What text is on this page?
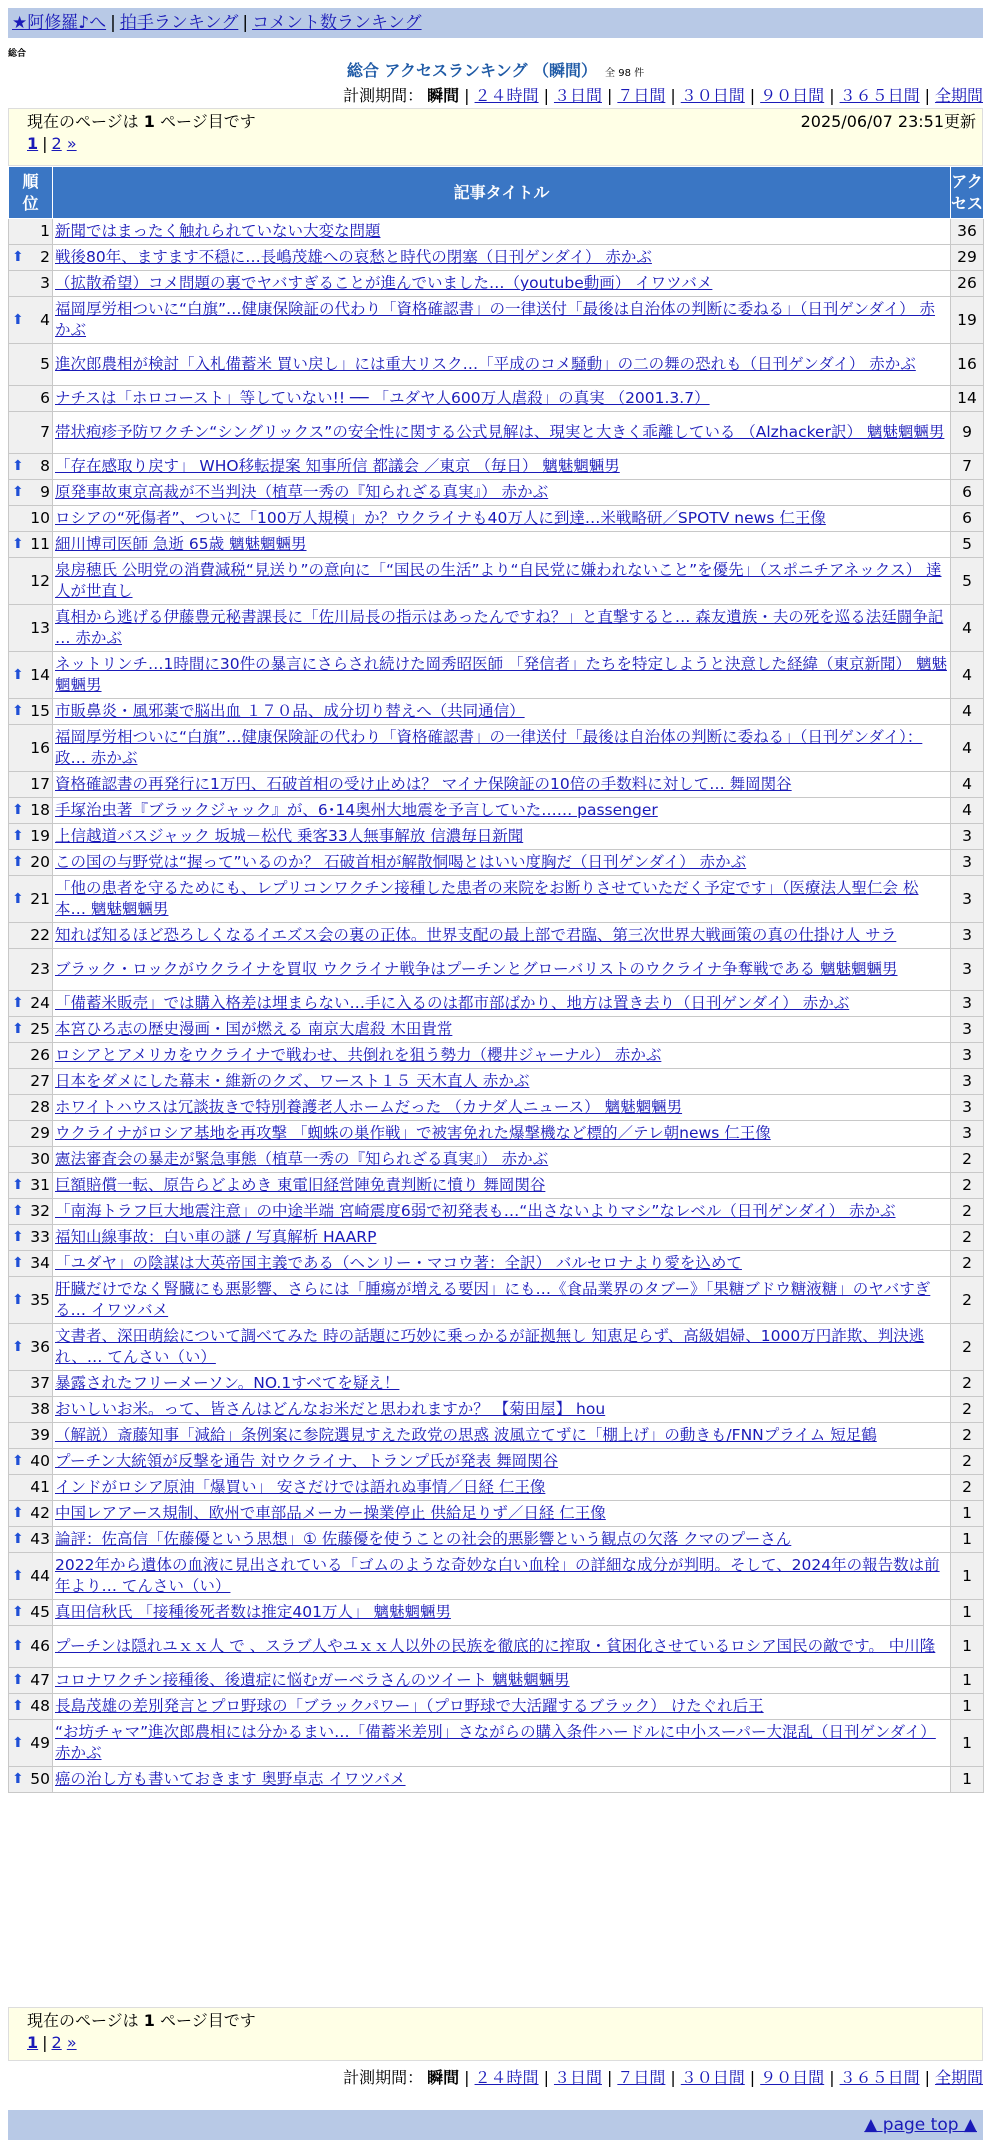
★阿修羅♪へ | 拍手ランキング | コメント数ランキング
総合
総合 アクセスランキング （瞬間） 全 98 件
計測期間： 瞬間 | ２４時間 | ３日間 | ７日間 | ３０日間 | ９０日間 | ３６５日間 | 全期間
現在のページは 1 ページ目です	2025/06/07 23:51更新
1 | 2 »
順位	記事タイトル	アクセス

1	新聞ではまったく触れられていない大変な問題	36

⬆ 2	戦後80年、ますます不穏に…長嶋茂雄への哀愁と時代の閉塞（日刊ゲンダイ） 赤かぶ	29
3	（拡散希望）コメ問題の裏でヤバすぎることが進んでいました…（youtube動画） イワツバメ	26

⬆ 4	福岡厚労相ついに“白旗”…健康保険証の代わり「資格確認書」の一律送付「最後は自治体の判断に委ねる」（日刊ゲンダイ） 赤かぶ	19
5	進次郎農相が検討「入札備蓄米 買い戻し」には重大リスク…「平成のコメ騒動」の二の舞の恐れも（日刊ゲンダイ） 赤かぶ	16
6	ナチスは「ホロコースト」等していない!! ── 「ユダヤ人600万人虐殺」の真実 （2001.3.7）	14
7	帯状疱疹予防ワクチン“シングリックス”の安全性に関する公式見解は、現実と大きく乖離している （Alzhacker訳） 魑魅魍魎男	9

⬆ 8	「存在感取り戻す」 WHO移転提案 知事所信 都議会 ／東京 （毎日） 魑魅魍魎男	7

⬆ 9	原発事故東京高裁が不当判決（植草一秀の『知られざる真実』） 赤かぶ	6
10	ロシアの“死傷者”、ついに「100万人規模」か？ウクライナも40万人に到達…米戦略研／SPOTV news 仁王像	6

⬆ 11	細川博司医師 急逝 65歳 魑魅魍魎男	5
12	泉房穂氏 公明党の消費減税“見送り”の意向に「“国民の生活”より“自民党に嫌われないこと”を優先」（スポニチアネックス） 達人が世直し	5
13	真相から逃げる伊藤豊元秘書課長に「佐川局長の指示はあったんですね？」と直撃すると… 森友遺族・夫の死を巡る法廷闘争記 … 赤かぶ	4

⬆ 14	ネットリンチ…1時間に30件の暴言にさらされ続けた岡秀昭医師 「発信者」たちを特定しようと決意した経緯（東京新聞） 魑魅魍魎男	4

⬆ 15	市販鼻炎・風邪薬で脳出血 １７０品、成分切り替えへ（共同通信）	4
16	福岡厚労相ついに“白旗”…健康保険証の代わり「資格確認書」の一律送付「最後は自治体の判断に委ねる」（日刊ゲンダイ）：政… 赤かぶ	4
17	資格確認書の再発行に1万円、石破首相の受け止めは？ マイナ保険証の10倍の手数料に対して… 舞岡関谷	4

⬆ 18	手塚治虫著『ブラックジャック』が、6･14奥州大地震を予言していた…… passenger	4

⬆ 19	上信越道バスジャック 坂城－松代 乗客33人無事解放 信濃毎日新聞	3

⬆ 20	この国の与野党は“握って”いるのか？ 石破首相が解散恫喝とはいい度胸だ（日刊ゲンダイ） 赤かぶ	3

⬆ 21	「他の患者を守るためにも、レプリコンワクチン接種した患者の来院をお断りさせていただく予定です」（医療法人聖仁会 松本… 魑魅魍魎男	3
22	知れば知るほど恐ろしくなるイエズス会の裏の正体。世界支配の最上部で君臨、第三次世界大戦画策の真の仕掛け人 サラ	3
23	ブラック・ロックがウクライナを買収 ウクライナ戦争はプーチンとグローバリストのウクライナ争奪戦である 魑魅魍魎男	3

⬆ 24	「備蓄米販売」では購入格差は埋まらない…手に入るのは都市部ばかり、地方は置き去り（日刊ゲンダイ） 赤かぶ	3

⬆ 25	本宮ひろ志の歴史漫画・国が燃える 南京大虐殺 木田貴常	3
26	ロシアとアメリカをウクライナで戦わせ、共倒れを狙う勢力（櫻井ジャーナル） 赤かぶ	3
27	日本をダメにした幕末・維新のクズ、ワースト１５ 天木直人 赤かぶ	3
28	ホワイトハウスは冗談抜きで特別養護老人ホームだった （カナダ人ニュース） 魑魅魍魎男	3
29	ウクライナがロシア基地を再攻撃 「蜘蛛の巣作戦」で被害免れた爆撃機など標的／テレ朝news 仁王像	3
30	憲法審査会の暴走が緊急事態（植草一秀の『知られざる真実』） 赤かぶ	2

⬆ 31	巨額賠償一転、原告らどよめき 東電旧経営陣免責判断に憤り 舞岡関谷	2

⬆ 32	「南海トラフ巨大地震注意」の中途半端 宮崎震度6弱で初発表も…“出さないよりマシ”なレベル（日刊ゲンダイ） 赤かぶ	2

⬆ 33	福知山線事故：白い車の謎 / 写真解析 HAARP	2

⬆ 34	「ユダヤ」の陰謀は大英帝国主義である（ヘンリー・マコウ著：全訳） バルセロナより愛を込めて	2

⬆ 35	肝臓だけでなく腎臓にも悪影響、さらには「腫瘍が増える要因」にも…《食品業界のタブー》「果糖ブドウ糖液糖」のヤバすぎる… イワツバメ	2

⬆ 36	文書者、深田萌絵について調べてみた 時の話題に巧妙に乗っかるが証拠無し 知恵足らず、高級娼婦、1000万円詐欺、判決逃れ、… てんさい（い）	2
37	暴露されたフリーメーソン。NO.1すべてを疑え！	2
38	おいしいお米。って、皆さんはどんなお米だと思われますか？ 【菊田屋】 hou	2
39	（解説）斎藤知事「減給」条例案に参院選見すえた政党の思惑 波風立てずに「棚上げ」の動きも/FNNプライム 短足鶴	2

⬆ 40	プーチン大統領が反撃を通告 対ウクライナ、トランプ氏が発表 舞岡関谷	2
41	インドがロシア原油「爆買い」 安さだけでは語れぬ事情／日経 仁王像	2

⬆ 42	中国レアアース規制、欧州で車部品メーカー操業停止 供給足りず／日経 仁王像	1

⬆ 43	論評：佐高信「佐藤優という思想」① 佐藤優を使うことの社会的悪影響という観点の欠落 クマのプーさん	1

⬆ 44	2022年から遺体の血液に見出されている「ゴムのような奇妙な白い血栓」の詳細な成分が判明。そして、2024年の報告数は前年より… てんさい（い）	1

⬆ 45	真田信秋氏 「接種後死者数は推定401万人」 魑魅魍魎男	1

⬆ 46	プーチンは隠れユｘｘ人 で 、スラブ人やユｘｘ人以外の民族を徹底的に搾取・貧困化させているロシア国民の敵です。 中川隆	1

⬆ 47	コロナワクチン接種後、後遺症に悩むガーベラさんのツイート 魑魅魍魎男	1

⬆ 48	長島茂雄の差別発言とプロ野球の「ブラックパワー」（プロ野球で大活躍するブラック） けたぐれ后王	1

⬆ 49	“お坊チャマ”進次郎農相には分かるまい…「備蓄米差別」さながらの購入条件ハードルに中小スーパー大混乱（日刊ゲンダイ） 赤かぶ	1

⬆ 50	癌の治し方も書いておきます 奥野卓志 イワツバメ	1
現在のページは 1 ページ目です
1 | 2 »
計測期間： 瞬間 | ２４時間 | ３日間 | ７日間 | ３０日間 | ９０日間 | ３６５日間 | 全期間
▲ page top ▲
